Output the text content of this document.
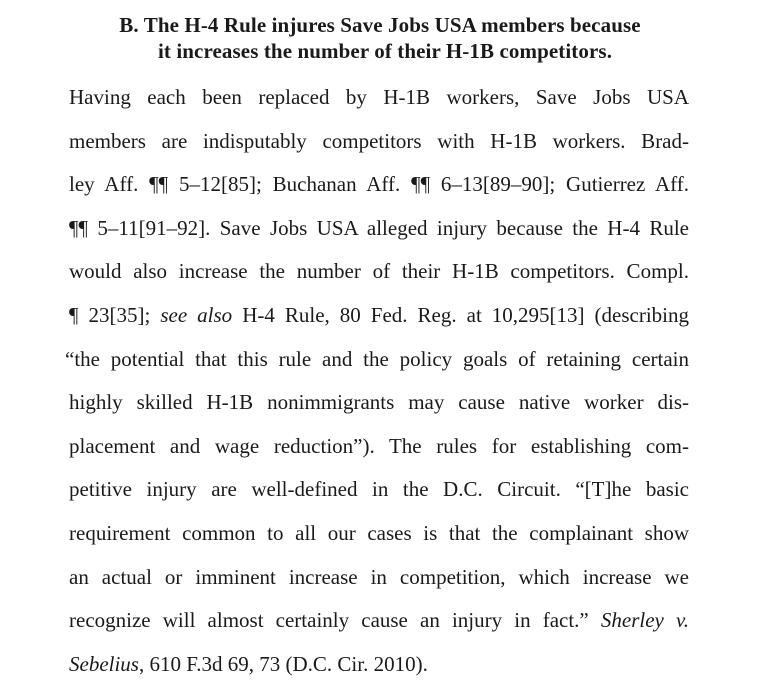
B. The H-4 Rule injures Save Jobs USA members because
it increases the number of their H-1B competitors.
Having each been replaced by H-1B workers, Save Jobs USA
members are indisputably competitors with H-1B workers. Brad-
ley Aff. ¶¶ 5–12[85]; Buchanan Aff. ¶¶ 6–13[89–90]; Gutierrez Aff.
¶¶ 5–11[91–92]. Save Jobs USA alleged injury because the H-4 Rule
would also increase the number of their H-1B competitors. Compl.
¶ 23[35]; see also H-4 Rule, 80 Fed. Reg. at 10,295[13] (describing
“the potential that this rule and the policy goals of retaining certain
highly skilled H-1B nonimmigrants may cause native worker dis-
placement and wage reduction”). The rules for establishing com-
petitive injury are well-defined in the D.C. Circuit. “[T]he basic
requirement common to all our cases is that the complainant show
an actual or imminent increase in competition, which increase we
recognize will almost certainly cause an injury in fact.” Sherley v.
Sebelius, 610 F.3d 69, 73 (D.C. Cir. 2010).
